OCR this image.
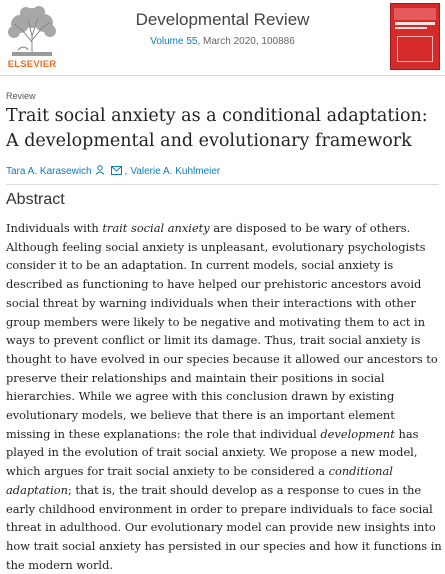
ELSEVIER
Developmental Review
Volume 55, March 2020, 100886
Review
Trait social anxiety as a conditional adaptation: A developmental and evolutionary framework
Tara A. Karasewich	, Valerie A. Kuhlmeier
Abstract

Individuals with trait social anxiety are disposed to be wary of others. Although feeling social anxiety is unpleasant, evolutionary psychologists consider it to be an adaptation. In current models, social anxiety is described as functioning to have helped our prehistoric ancestors avoid social threat by warning individuals when their interactions with other group members were likely to be negative and motivating them to act in ways to prevent conflict or limit its damage. Thus, trait social anxiety is thought to have evolved in our species because it allowed our ancestors to preserve their relationships and maintain their positions in social hierarchies. While we agree with this conclusion drawn by existing evolutionary models, we believe that there is an important element missing in these explanations: the role that individual development has played in the evolution of trait social anxiety. We propose a new model, which argues for trait social anxiety to be considered a conditional adaptation; that is, the trait should develop as a response to cues in the early childhood environment in order to prepare individuals to face social threat in adulthood. Our evolutionary model can provide new insights into how trait social anxiety has persisted in our species and how it functions in the modern world.
